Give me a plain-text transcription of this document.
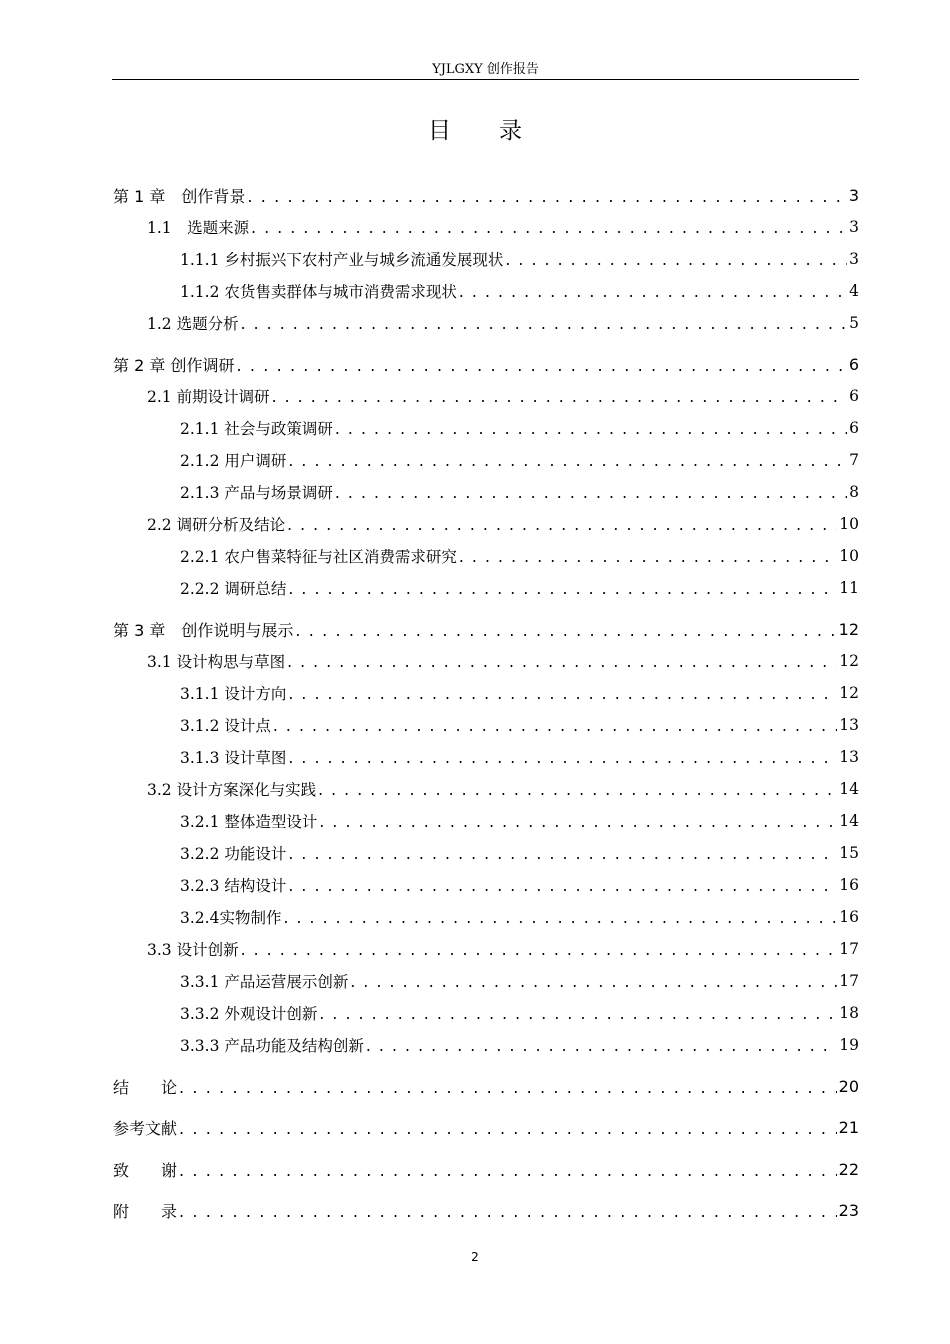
YJLGXY 创作报告
目 录
第 1 章　创作背景 . . .	3
1.1　选题来源 . . .	3
1.1.1 乡村振兴下农村产业与城乡流通发展现状 . . .	3
1.1.2 农货售卖群体与城市消费需求现状 . . .	4
1.2 选题分析 . . .	5
第 2 章 创作调研 . . .	6
2.1 前期设计调研 . . .	6
2.1.1 社会与政策调研 . . .	6
2.1.2 用户调研 . . .	7
2.1.3 产品与场景调研 . . .	8
2.2 调研分析及结论 . . .	10
2.2.1 农户售菜特征与社区消费需求研究 . . .	10
2.2.2 调研总结 . . .	11
第 3 章　创作说明与展示 . . .	12
3.1 设计构思与草图 . . .	12
3.1.1 设计方向 . . .	12
3.1.2 设计点 . . .	13
3.1.3 设计草图 . . .	13
3.2 设计方案深化与实践 . . .	14
3.2.1 整体造型设计 . . .	14
3.2.2 功能设计 . . .	15
3.2.3 结构设计 . . .	16
3.2.4实物制作 . . .	16
3.3 设计创新 . . .	17
3.3.1 产品运营展示创新 . . .	17
3.3.2 外观设计创新 . . .	18
3.3.3 产品功能及结构创新 . . .	19
结　　论 . . .	20
参考文献 . . .	21
致　　谢 . . .	22
附　　录 . . .	23
2
